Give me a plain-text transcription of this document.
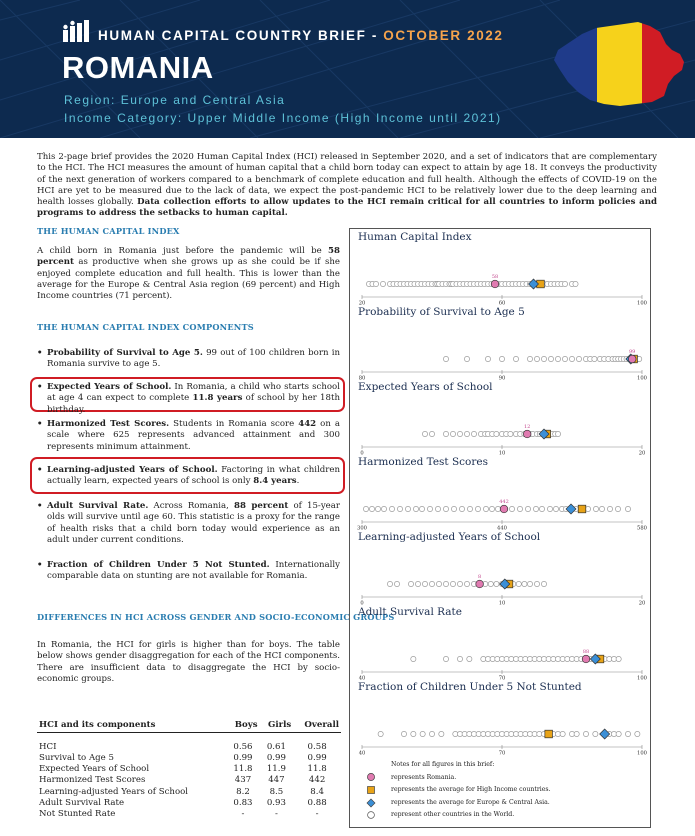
HUMAN CAPITAL COUNTRY BRIEF - OCTOBER 2022
ROMANIA
Region: Europe and Central Asia
Income Category: Upper Middle Income (High Income until 2021)
This 2-page brief provides the 2020 Human Capital Index (HCI) released in September 2020, and a set of indicators that are complementary to the HCI. The HCI measures the amount of human capital that a child born today can expect to attain by age 18. It conveys the productivity of the next generation of workers compared to a benchmark of complete education and full health. Although the effects of COVID-19 on the HCI are yet to be measured due to the lack of data, we expect the post-pandemic HCI to be relatively lower due to the deep learning and health losses globally. Data collection efforts to allow updates to the HCI remain critical for all countries to inform policies and programs to address the setbacks to human capital.
THE HUMAN CAPITAL INDEX
A child born in Romania just before the pandemic will be 58 percent as productive when she grows up as she could be if she enjoyed complete education and full health. This is lower than the average for the Europe & Central Asia region (69 percent) and High Income countries (71 percent).
THE HUMAN CAPITAL INDEX COMPONENTS
• Probability of Survival to Age 5. 99 out of 100 children born in Romania survive to age 5.
• Expected Years of School. In Romania, a child who starts school at age 4 can expect to complete 11.8 years of school by her 18th birthday.
• Harmonized Test Scores. Students in Romania score 442 on a scale where 625 represents advanced attainment and 300 represents minimum attainment.
• Learning-adjusted Years of School. Factoring in what children actually learn, expected years of school is only 8.4 years.
• Adult Survival Rate. Across Romania, 88 percent of 15-year olds will survive until age 60. This statistic is a proxy for the range of health risks that a child born today would experience as an adult under current conditions.
• Fraction of Children Under 5 Not Stunted. Internationally comparable data on stunting are not available for Romania.
DIFFERENCES IN HCI ACROSS GENDER AND SOCIO-ECONOMIC GROUPS
In Romania, the HCI for girls is higher than for boys. The table below shows gender disaggregation for each of the HCI components. There are insufficient data to disaggregate the HCI by socio-economic groups.
HCI and its components	Boys	Girls	Overall

HCI	0.56	0.61	0.58
Survival to Age 5	0.99	0.99	0.99
Expected Years of School	11.8	11.9	11.8
Harmonized Test Scores	437	447	442
Learning-adjusted Years of School	8.2	8.5	8.4
Adult Survival Rate	0.83	0.93	0.88
Not Stunted Rate	-	-	-
Human Capital Index
20	60	100
58
Probability of Survival to Age 5
80	90	100
99
Expected Years of School
0	10	20
12
Harmonized Test Scores
300	440	580
442
Learning-adjusted Years of School
0	10	20
8
Adult Survival Rate
40	70	100
88
Fraction of Children Under 5 Not Stunted
40	70	100
Notes for all figures in this brief:
represents Romania.
represents the average for High Income countries.
represents the average for Europe & Central Asia.
represent other countries in the World.
